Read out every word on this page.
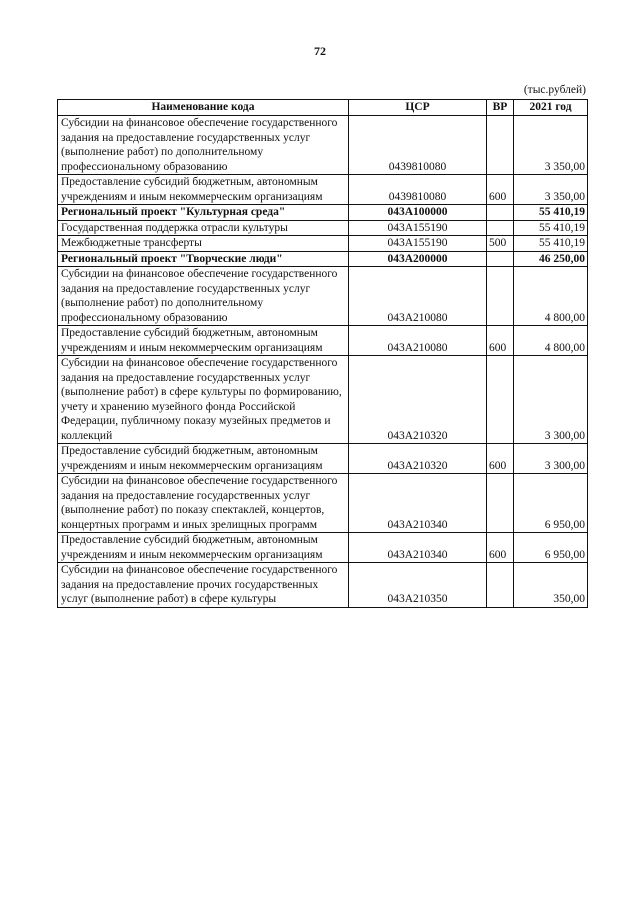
72
(тыс.рублей)
Наименование кода	ЦСР	ВР	2021 год
Субсидии на финансовое обеспечение государственного задания на предоставление государственных услуг (выполнение работ) по дополнительному профессиональному образованию	0439810080		3 350,00
Предоставление субсидий бюджетным, автономным учреждениям и иным некоммерческим организациям	0439810080	600	3 350,00
Региональный проект "Культурная среда"	043A100000		55 410,19
Государственная поддержка отрасли культуры	043A155190		55 410,19
Межбюджетные трансферты	043A155190	500	55 410,19
Региональный проект "Творческие люди"	043A200000		46 250,00
Субсидии на финансовое обеспечение государственного задания на предоставление государственных услуг (выполнение работ) по дополнительному профессиональному образованию	043A210080		4 800,00
Предоставление субсидий бюджетным, автономным учреждениям и иным некоммерческим организациям	043A210080	600	4 800,00
Субсидии на финансовое обеспечение государственного задания на предоставление государственных услуг (выполнение работ) в сфере культуры по формированию, учету и хранению музейного фонда Российской Федерации, публичному показу музейных предметов и коллекций	043A210320		3 300,00
Предоставление субсидий бюджетным, автономным учреждениям и иным некоммерческим организациям	043A210320	600	3 300,00
Субсидии на финансовое обеспечение государственного задания на предоставление государственных услуг (выполнение работ) по показу спектаклей, концертов, концертных программ и иных зрелищных программ	043A210340		6 950,00
Предоставление субсидий бюджетным, автономным учреждениям и иным некоммерческим организациям	043A210340	600	6 950,00
Субсидии на финансовое обеспечение государственного задания на предоставление прочих государственных услуг (выполнение работ) в сфере культуры	043A210350		350,00
